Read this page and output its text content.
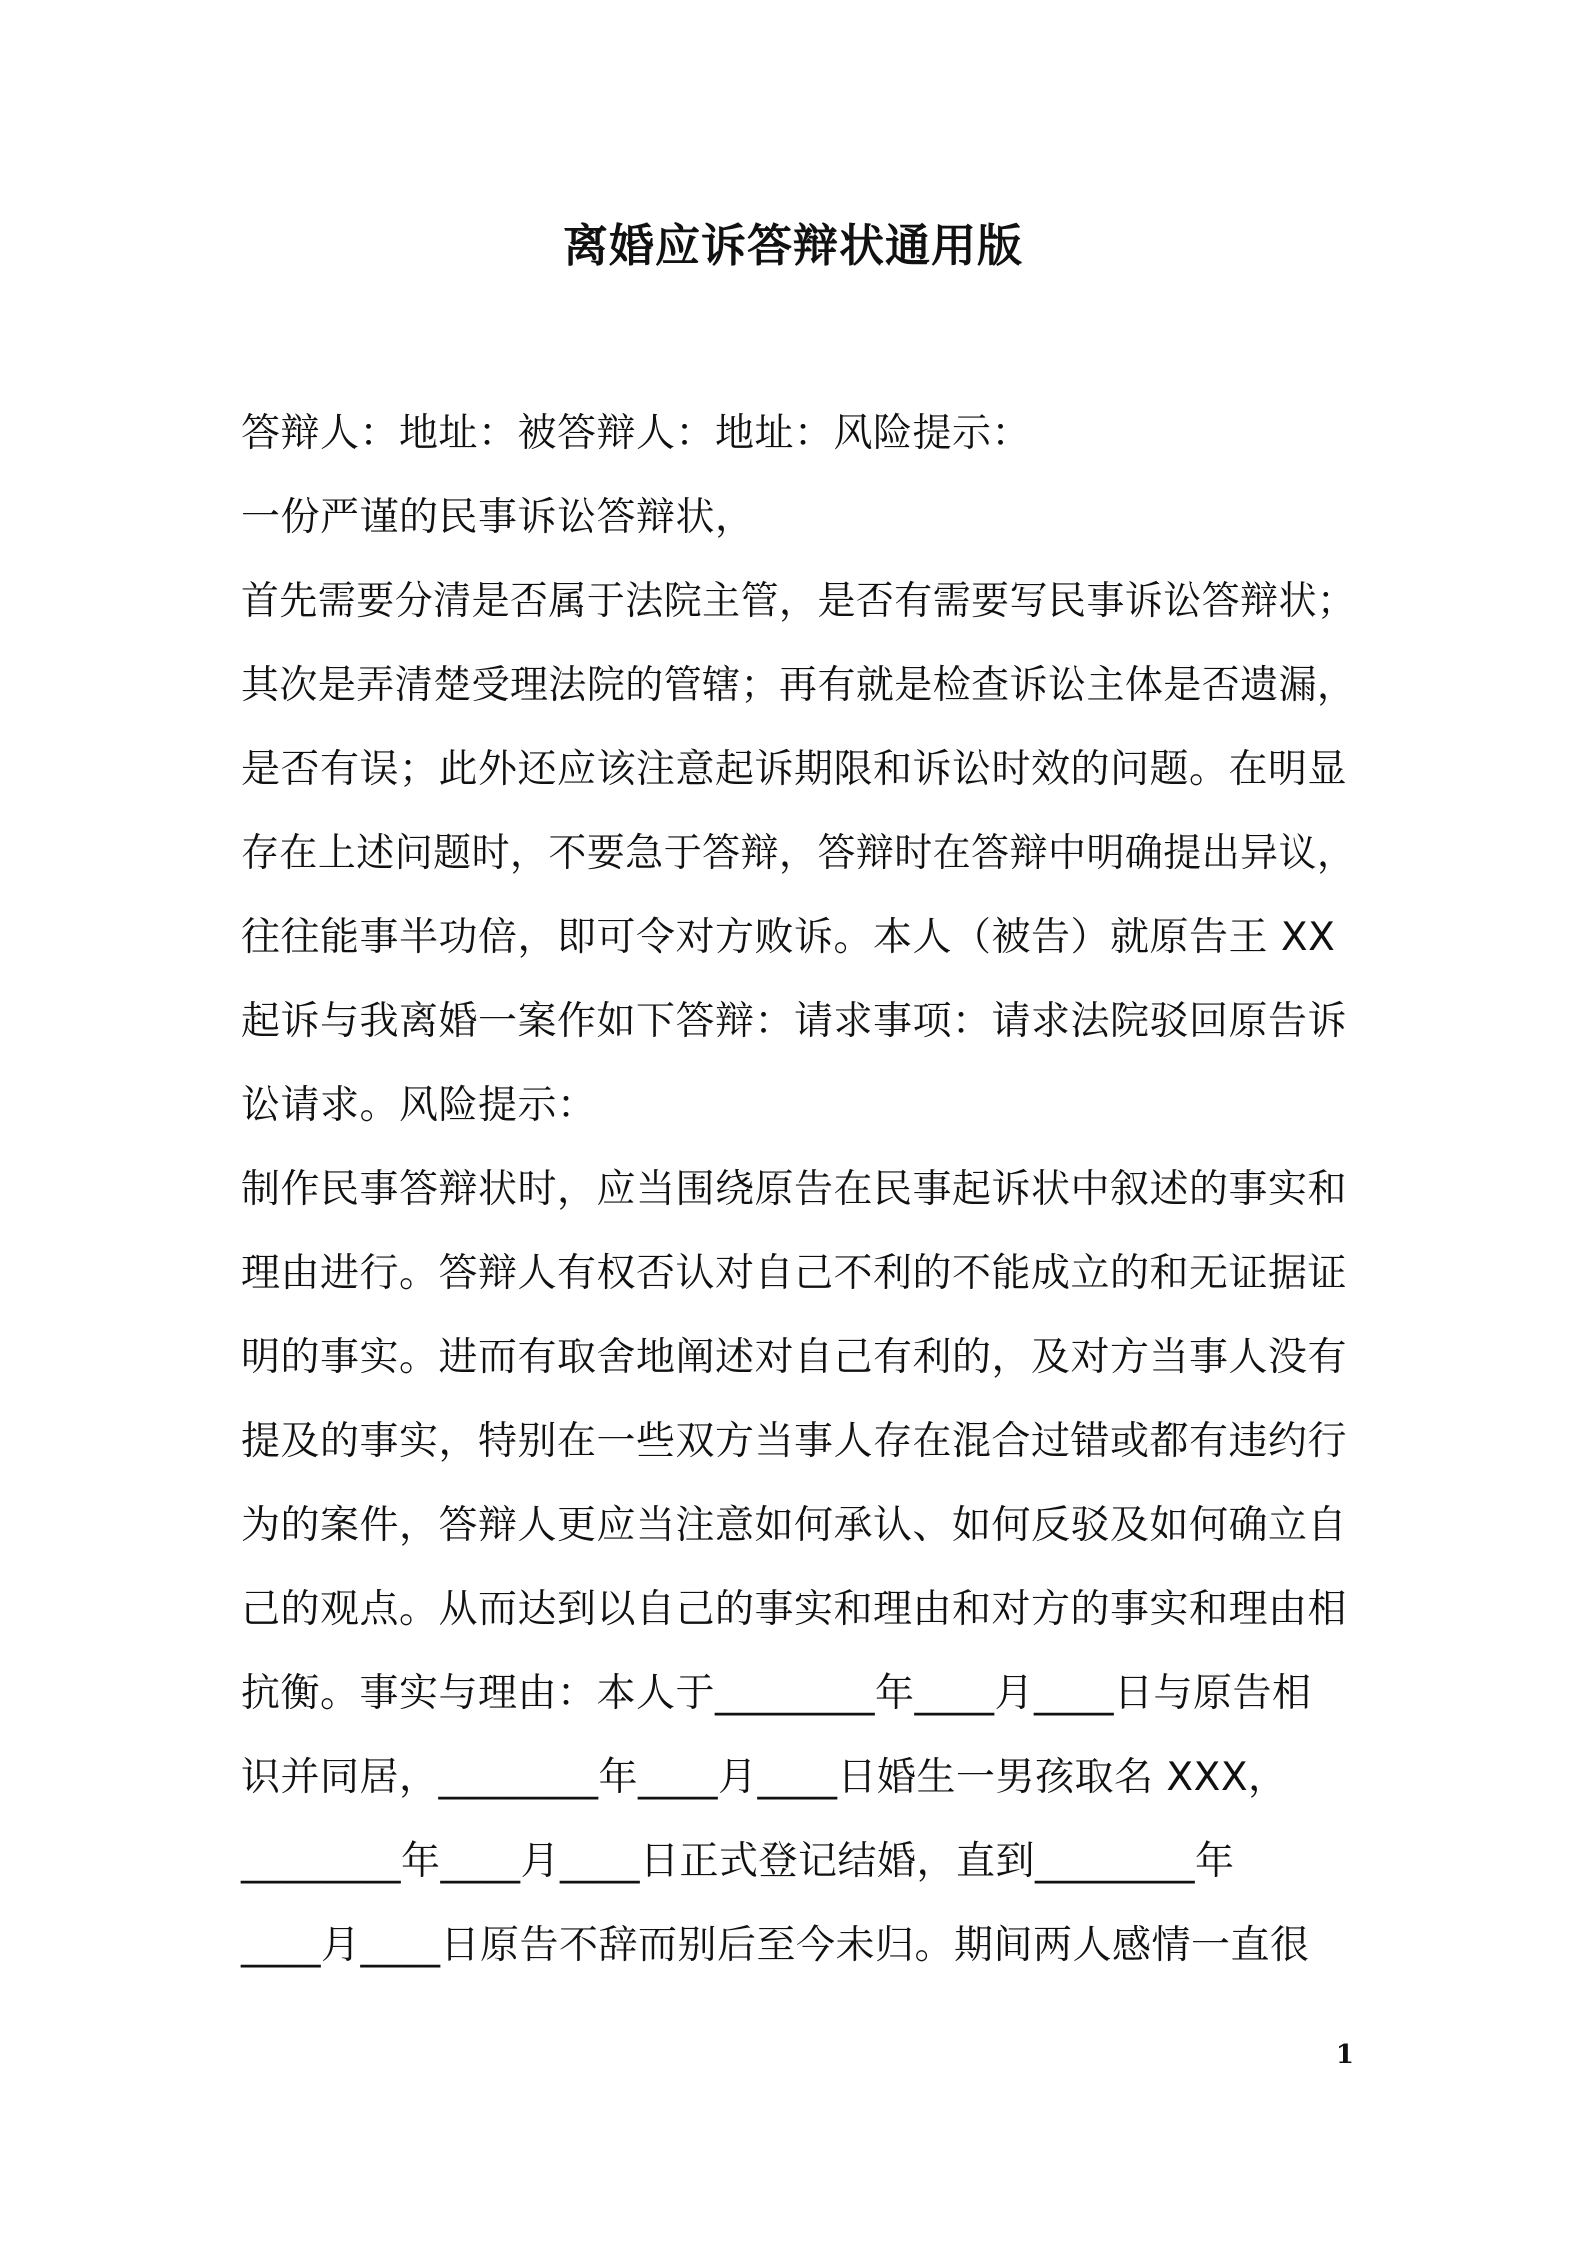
离婚应诉答辩状通用版
答辩人：地址：被答辩人：地址：风险提示：
一份严谨的民事诉讼答辩状，
首先需要分清是否属于法院主管，是否有需要写民事诉讼答辩状；
其次是弄清楚受理法院的管辖；再有就是检查诉讼主体是否遗漏，
是否有误；此外还应该注意起诉期限和诉讼时效的问题。在明显
存在上述问题时，不要急于答辩，答辩时在答辩中明确提出异议，
往往能事半功倍，即可令对方败诉。本人（被告）就原告王 XX
起诉与我离婚一案作如下答辩：请求事项：请求法院驳回原告诉
讼请求。风险提示：
制作民事答辩状时，应当围绕原告在民事起诉状中叙述的事实和
理由进行。答辩人有权否认对自己不利的不能成立的和无证据证
明的事实。进而有取舍地阐述对自己有利的，及对方当事人没有
提及的事实，特别在一些双方当事人存在混合过错或都有违约行
为的案件，答辩人更应当注意如何承认、如何反驳及如何确立自
己的观点。从而达到以自己的事实和理由和对方的事实和理由相
抗衡。事实与理由：本人于________年____月____日与原告相
识并同居，________年____月____日婚生一男孩取名 XXX，
________年____月____日正式登记结婚，直到________年
____月____日原告不辞而别后至今未归。期间两人感情一直很
1
